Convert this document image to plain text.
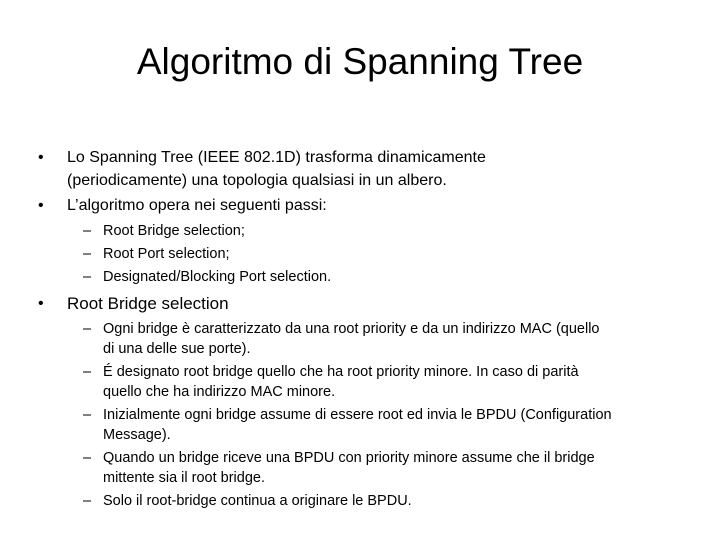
Algoritmo di Spanning Tree
• Lo Spanning Tree (IEEE 802.1D) trasforma dinamicamente
(periodicamente) una topologia qualsiasi in un albero.
• L’algoritmo opera nei seguenti passi:
– Root Bridge selection;
– Root Port selection;
– Designated/Blocking Port selection.
• Root Bridge selection
– Ogni bridge è caratterizzato da una root priority e da un indirizzo MAC (quello
di una delle sue porte).
– É designato root bridge quello che ha root priority minore. In caso di parità
quello che ha indirizzo MAC minore.
– Inizialmente ogni bridge assume di essere root ed invia le BPDU (Configuration
Message).
– Quando un bridge riceve una BPDU con priority minore assume che il bridge
mittente sia il root bridge.
– Solo il root-bridge continua a originare le BPDU.
